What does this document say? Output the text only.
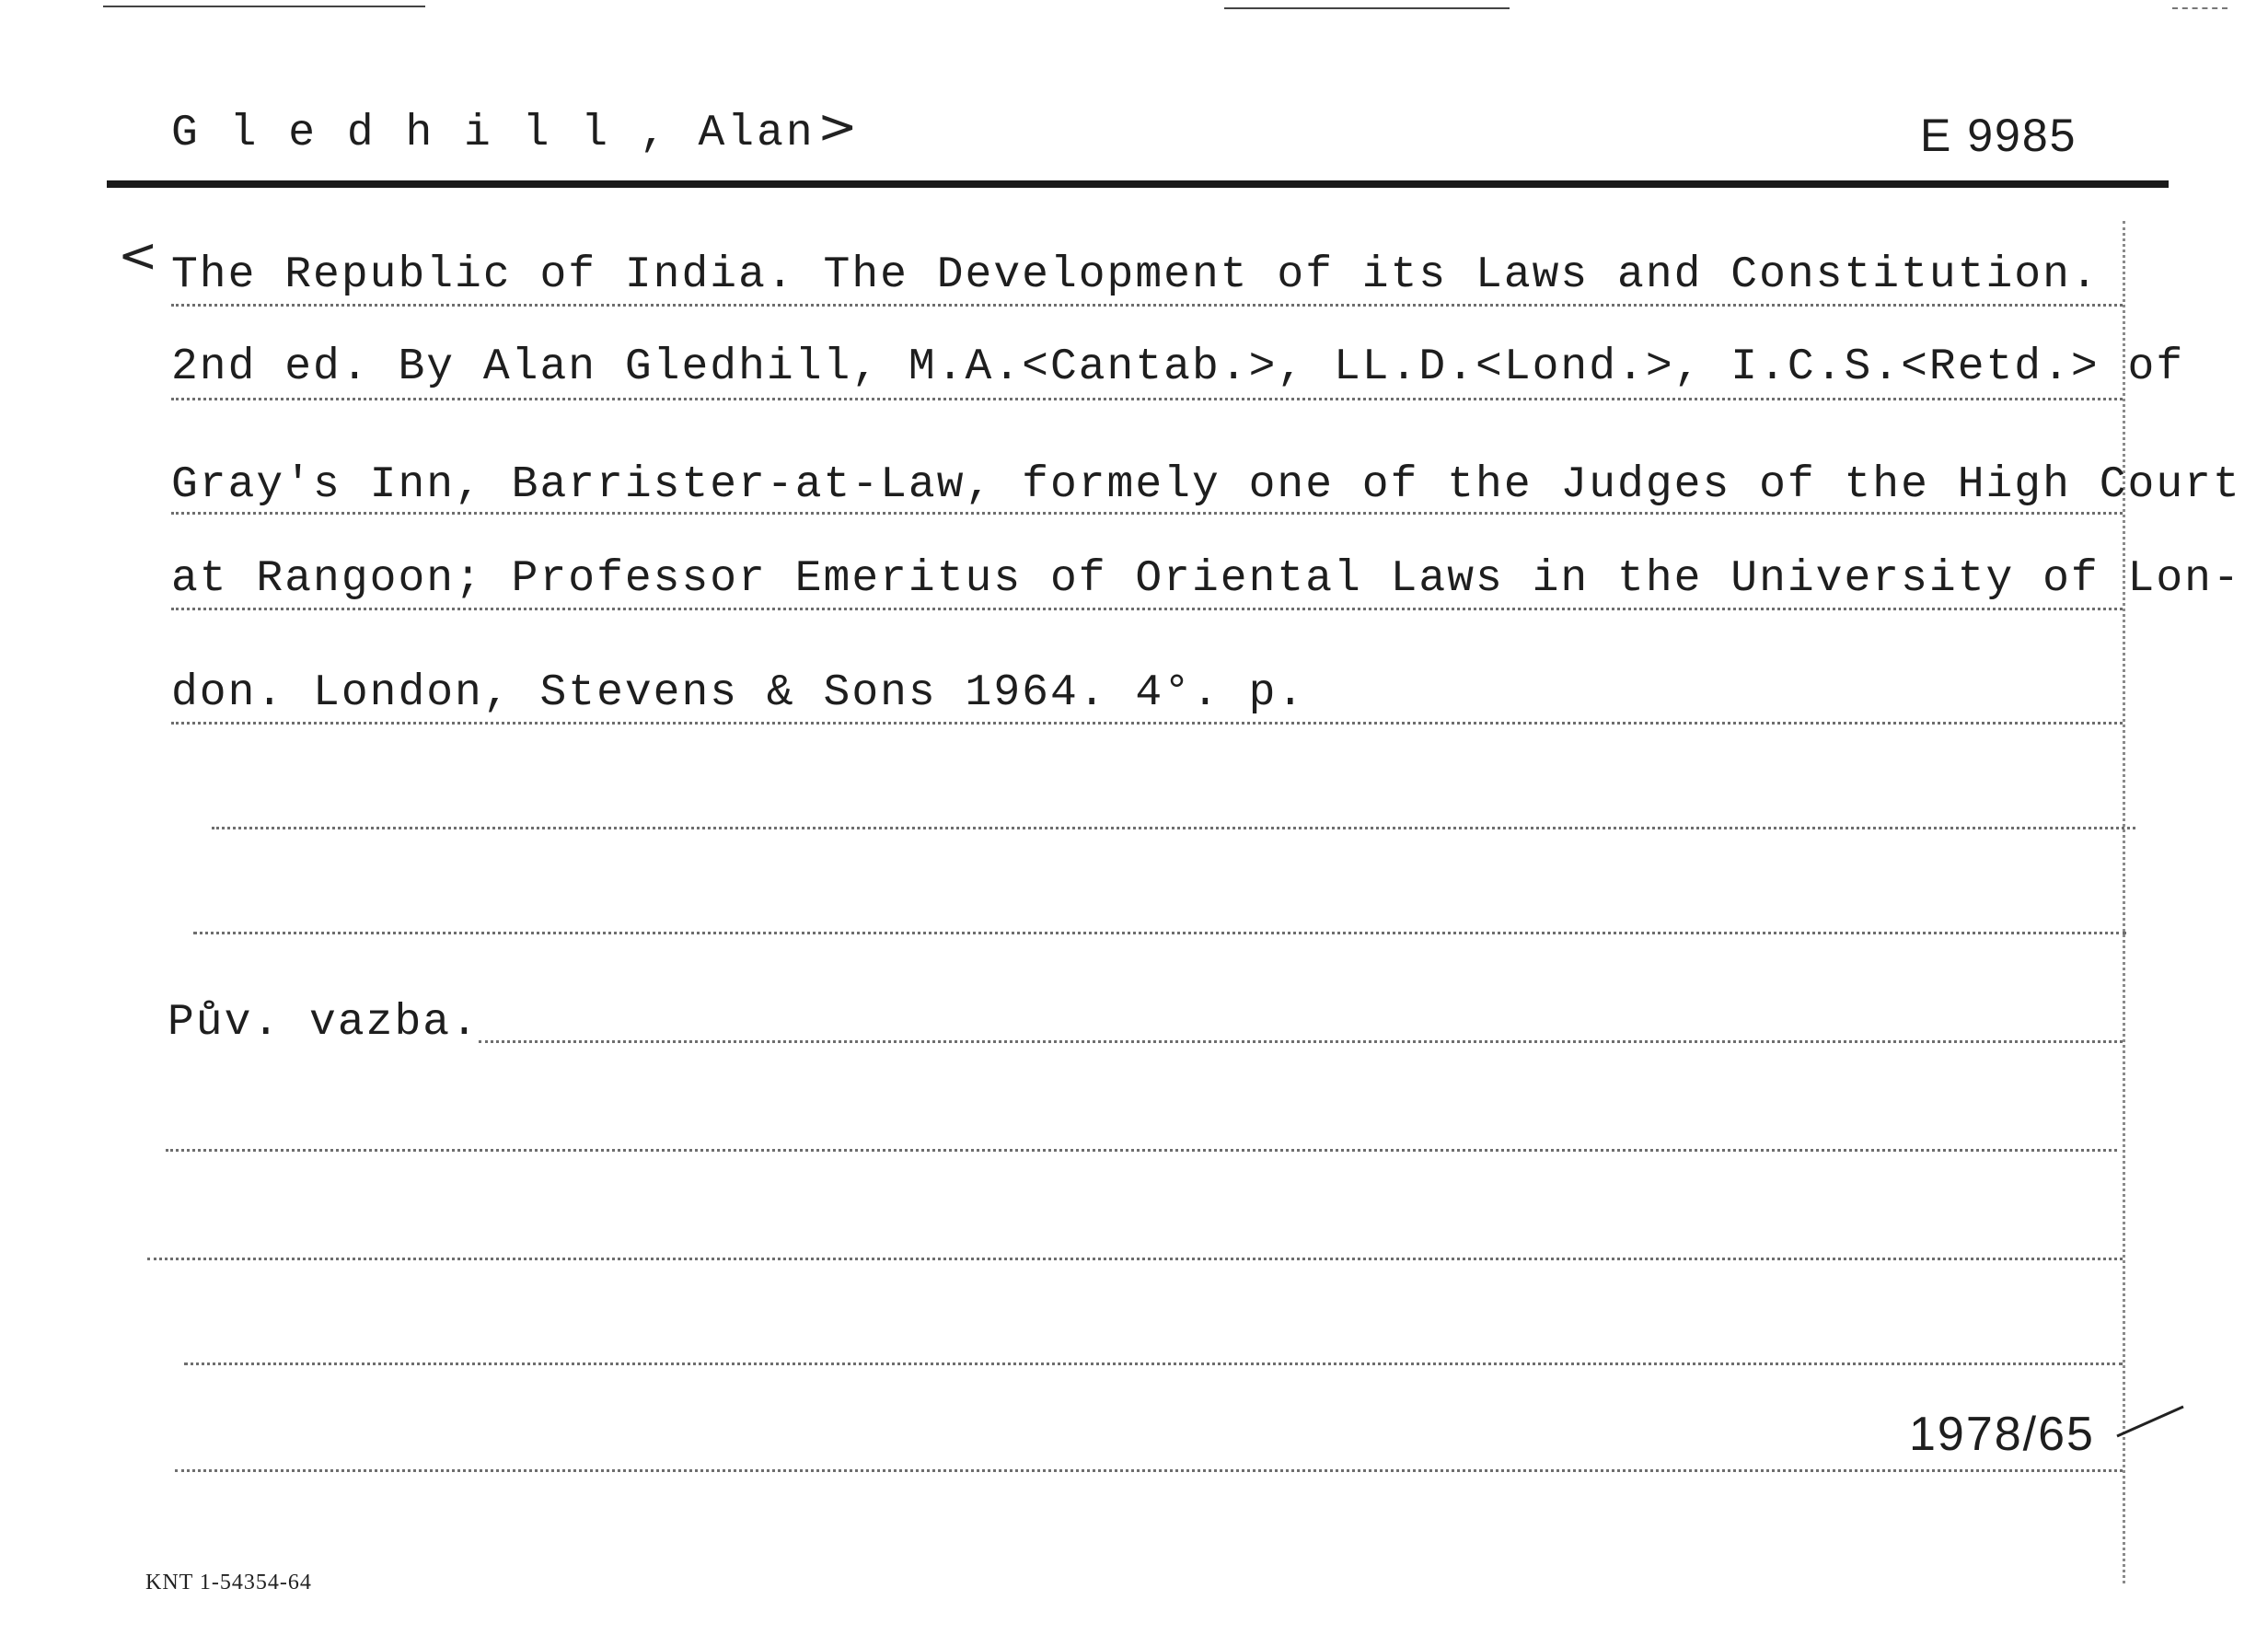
G l e d h i l l , Alan >	E 9985
< The Republic of India. The Development of its Laws and Constitution.
2nd ed. By Alan Gledhill, M.A.<Cantab.>, LL.D.<Lond.>, I.C.S.<Retd.> of
Gray's Inn, Barrister-at-Law, formely one of the Judges of the High Court
at Rangoon; Professor Emeritus of Oriental Laws in the University of Lon-
don. London, Stevens & Sons 1964. 4°. p.
Pův. vazba.
1978/65
KNT 1-54354-64
